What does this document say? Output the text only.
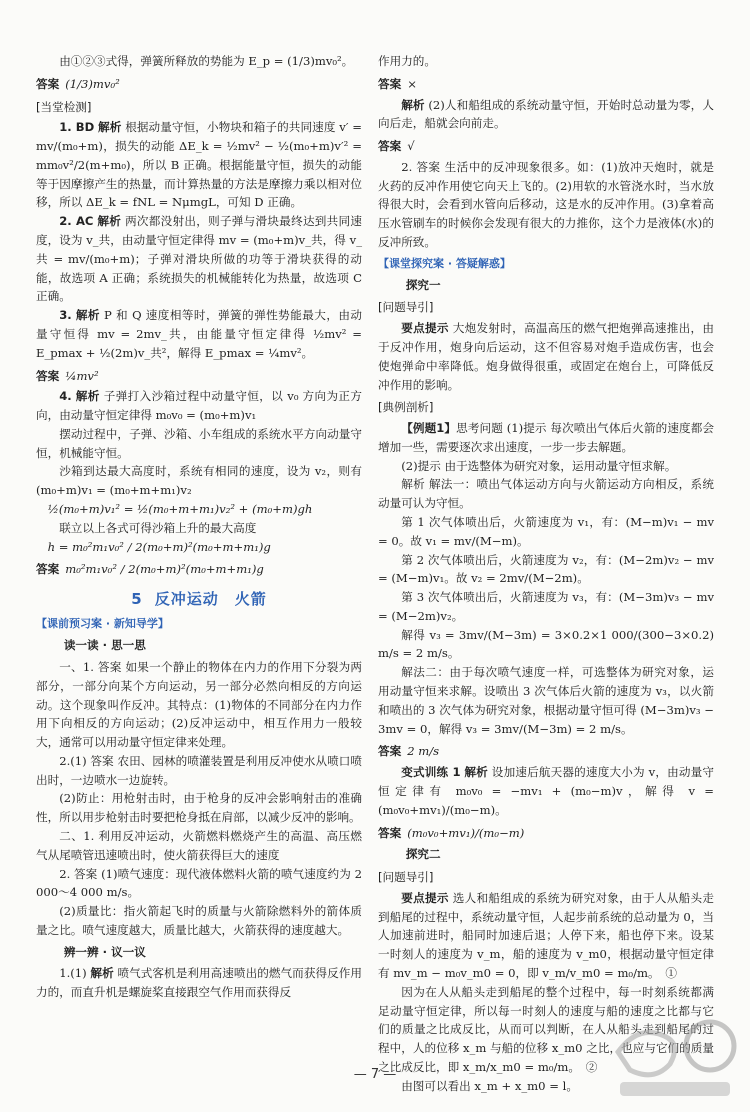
由①②③式得，弹簧所释放的势能为 E_p = (1/3)mv₀²。

答案 (1/3)mv₀²
[当堂检测]

1. BD 解析 根据动量守恒，小物块和箱子的共同速度 v′ = mv/(m₀+m)，损失的动能 ΔE_k = ½mv² − ½(m₀+m)v′² = mm₀v²/2(m+m₀)，所以 B 正确。根据能量守恒，损失的动能等于因摩擦产生的热量，而计算热量的方法是摩擦力乘以相对位移，所以 ΔE_k = fNL = NμmgL，可知 D 正确。

2. AC 解析 两次都没射出，则子弹与滑块最终达到共同速度，设为 v_共，由动量守恒定律得 mv = (m₀+m)v_共，得 v_共 = mv/(m₀+m)；子弹对滑块所做的功等于滑块获得的动能，故选项 A 正确；系统损失的机械能转化为热量，故选项 C 正确。

3. 解析 P 和 Q 速度相等时，弹簧的弹性势能最大，由动量守恒得 mv = 2mv_共，由能量守恒定律得 ½mv² = E_pmax + ½(2m)v_共²，解得 E_pmax = ¼mv²。

答案 ¼mv²

4. 解析 子弹打入沙箱过程中动量守恒，以 v₀ 方向为正方向，由动量守恒定律得 m₀v₀ = (m₀+m)v₁

摆动过程中，子弹、沙箱、小车组成的系统水平方向动量守恒，机械能守恒。

沙箱到达最大高度时，系统有相同的速度，设为 v₂，则有 (m₀+m)v₁ = (m₀+m+m₁)v₂

½(m₀+m)v₁² = ½(m₀+m+m₁)v₂² + (m₀+m)gh

联立以上各式可得沙箱上升的最大高度

h = m₀²m₁v₀² / 2(m₀+m)²(m₀+m+m₁)g
答案 m₀²m₁v₀² / 2(m₀+m)²(m₀+m+m₁)g
5 反冲运动　火箭
【课前预习案 · 新知导学】
读一读 · 思一思

一、1. 答案 如果一个静止的物体在内力的作用下分裂为两部分，一部分向某个方向运动，另一部分必然向相反的方向运动。这个现象叫作反冲。其特点：(1)物体的不同部分在内力作用下向相反的方向运动；(2)反冲运动中，相互作用力一般较大，通常可以用动量守恒定律来处理。

2.(1) 答案 农田、园林的喷灌装置是利用反冲使水从喷口喷出时，一边喷水一边旋转。

(2)防止：用枪射击时，由于枪身的反冲会影响射击的准确性，所以用步枪射击时要把枪身抵在肩部，以减少反冲的影响。

二、1. 利用反冲运动，火箭燃料燃烧产生的高温、高压燃气从尾喷管迅速喷出时，使火箭获得巨大的速度

2. 答案 (1)喷气速度：现代液体燃料火箭的喷气速度约为 2 000～4 000 m/s。

(2)质量比：指火箭起飞时的质量与火箭除燃料外的箭体质量之比。喷气速度越大，质量比越大，火箭获得的速度越大。

辨一辨 · 议一议

1.(1) 解析 喷气式客机是利用高速喷出的燃气而获得反作用力的，而直升机是螺旋桨直接跟空气作用而获得反

作用力的。

答案 ×

解析 (2)人和船组成的系统动量守恒，开始时总动量为零，人向后走，船就会向前走。

答案 √

2. 答案 生活中的反冲现象很多。如：(1)放冲天炮时，就是火药的反冲作用使它向天上飞的。(2)用软的水管浇水时，当水放得很大时，会看到水管向后移动，这是水的反冲作用。(3)拿着高压水管刷车的时候你会发现有很大的力推你，这个力是液体(水)的反冲所致。

【课堂探究案 · 答疑解惑】
探究一
[问题导引]

要点提示 大炮发射时，高温高压的燃气把炮弹高速推出，由于反冲作用，炮身向后运动，这不但容易对炮手造成伤害，也会使炮弹命中率降低。炮身做得很重，或固定在炮台上，可降低反冲作用的影响。

[典例剖析]

【例题1】思考问题 (1)提示 每次喷出气体后火箭的速度都会增加一些，需要逐次求出速度，一步一步去解题。

(2)提示 由于选整体为研究对象，运用动量守恒求解。

解析 解法一：喷出气体运动方向与火箭运动方向相反，系统动量可认为守恒。

第 1 次气体喷出后，火箭速度为 v₁，有：(M−m)v₁ − mv = 0。故 v₁ = mv/(M−m)。

第 2 次气体喷出后，火箭速度为 v₂，有：(M−2m)v₂ − mv = (M−m)v₁。故 v₂ = 2mv/(M−2m)。

第 3 次气体喷出后，火箭速度为 v₃，有：(M−3m)v₃ − mv = (M−2m)v₂。

解得 v₃ = 3mv/(M−3m) = 3×0.2×1 000/(300−3×0.2) m/s = 2 m/s。

解法二：由于每次喷气速度一样，可选整体为研究对象，运用动量守恒来求解。设喷出 3 次气体后火箭的速度为 v₃，以火箭和喷出的 3 次气体为研究对象，根据动量守恒可得 (M−3m)v₃ − 3mv = 0，解得 v₃ = 3mv/(M−3m) = 2 m/s。

答案 2 m/s

变式训练 1 解析 设加速后航天器的速度大小为 v，由动量守恒定律有 m₀v₀ = −mv₁ + (m₀−m)v，解得 v = (m₀v₀+mv₁)/(m₀−m)。

答案 (m₀v₀+mv₁)/(m₀−m)
探究二
[问题导引]

要点提示 选人和船组成的系统为研究对象，由于人从船头走到船尾的过程中，系统动量守恒，人起步前系统的总动量为 0，当人加速前进时，船同时加速后退；人停下来，船也停下来。设某一时刻人的速度为 v_m，船的速度为 v_m0，根据动量守恒定律有 mv_m − m₀v_m0 = 0，即 v_m/v_m0 = m₀/m。　①

因为在人从船头走到船尾的整个过程中，每一时刻系统都满足动量守恒定律，所以每一时刻人的速度与船的速度之比都与它们的质量之比成反比，从而可以判断，在人从船头走到船尾的过程中，人的位移 x_m 与船的位移 x_m0 之比，也应与它们的质量之比成反比，即 x_m/x_m0 = m₀/m。　②

由图可以看出 x_m + x_m0 = l。

— 7 —
